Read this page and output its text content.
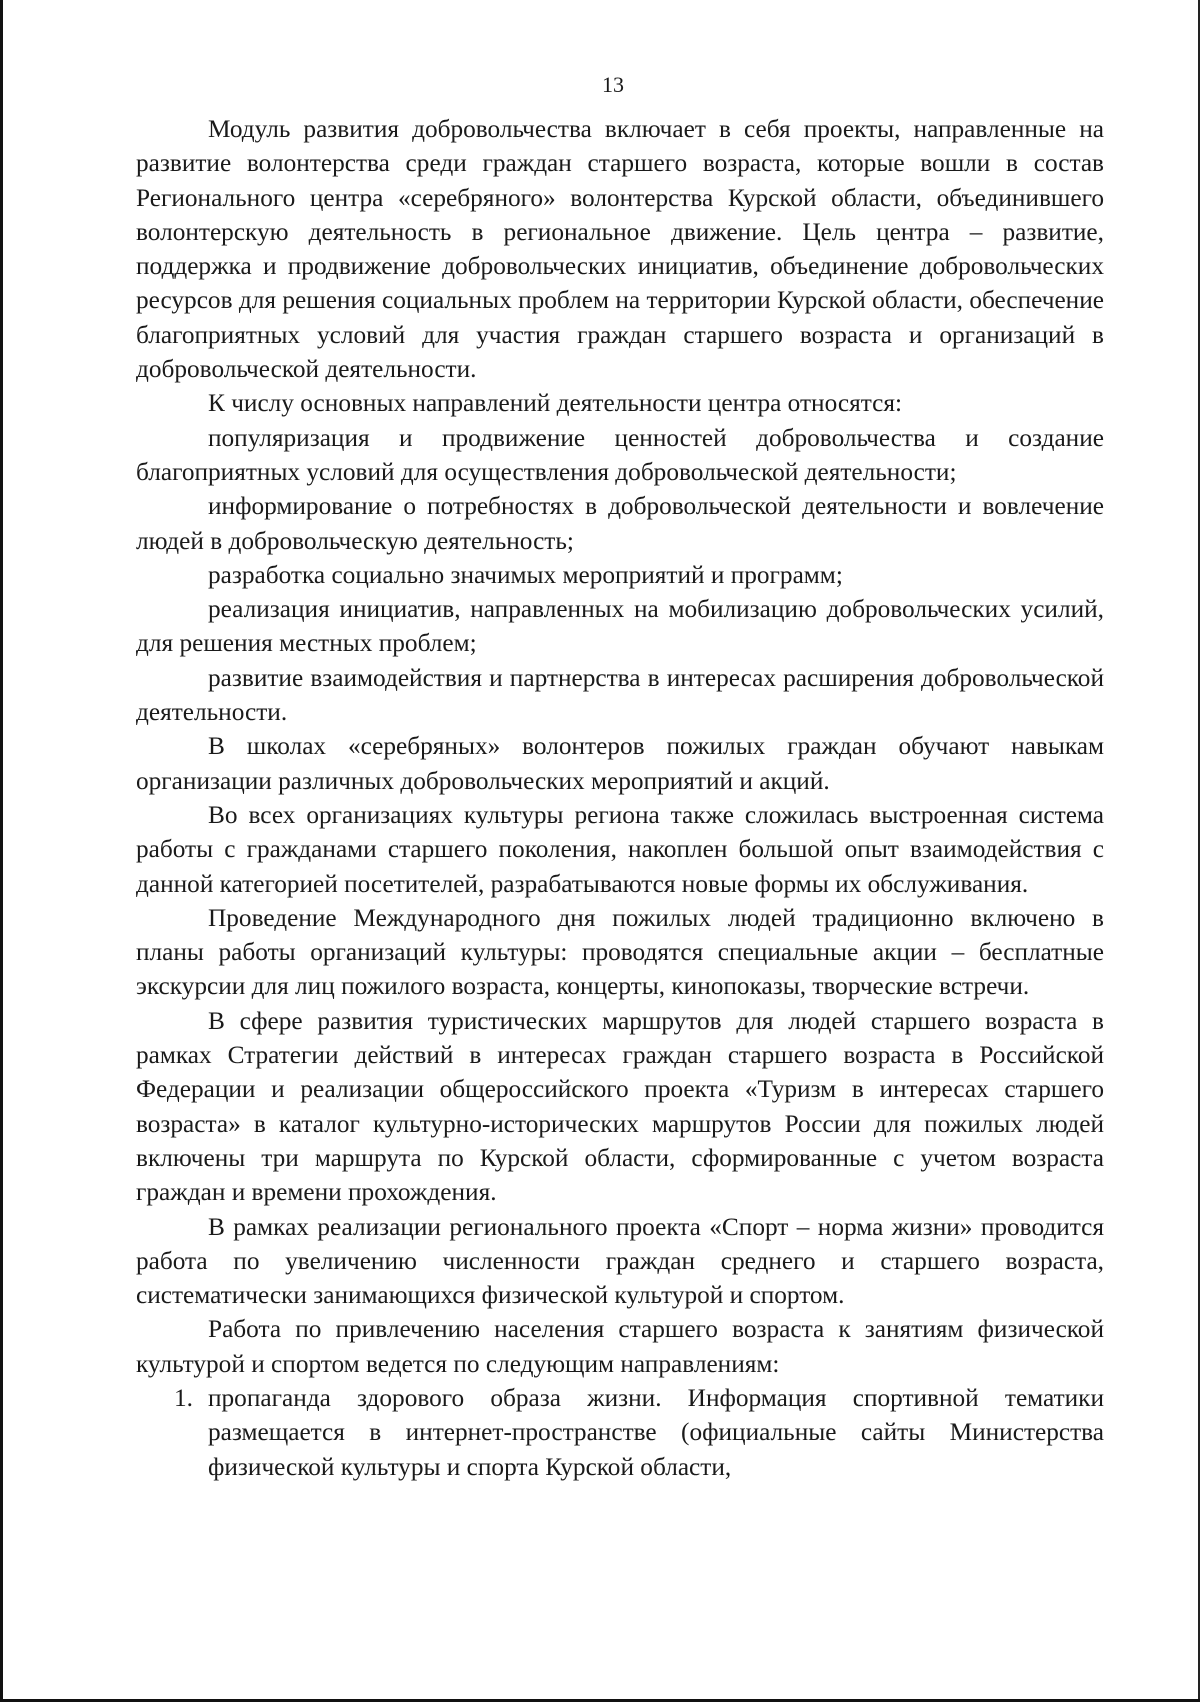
13

Модуль развития добровольчества включает в себя проекты, направленные на развитие волонтерства среди граждан старшего возраста, которые вошли в состав Регионального центра «серебряного» волонтерства Курской области, объединившего волонтерскую деятельность в региональное движение. Цель центра – развитие, поддержка и продвижение добровольческих инициатив, объединение добровольческих ресурсов для решения социальных проблем на территории Курской области, обеспечение благоприятных условий для участия граждан старшего возраста и организаций в добровольческой деятельности.

К числу основных направлений деятельности центра относятся:

популяризация и продвижение ценностей добровольчества и создание благоприятных условий для осуществления добровольческой деятельности;

информирование о потребностях в добровольческой деятельности и вовлечение людей в добровольческую деятельность;

разработка социально значимых мероприятий и программ;

реализация инициатив, направленных на мобилизацию добровольческих усилий, для решения местных проблем;

развитие взаимодействия и партнерства в интересах расширения добровольческой деятельности.

В школах «серебряных» волонтеров пожилых граждан обучают навыкам организации различных добровольческих мероприятий и акций.

Во всех организациях культуры региона также сложилась выстроенная система работы с гражданами старшего поколения, накоплен большой опыт взаимодействия с данной категорией посетителей, разрабатываются новые формы их обслуживания.

Проведение Международного дня пожилых людей традиционно включено в планы работы организаций культуры: проводятся специальные акции – бесплатные экскурсии для лиц пожилого возраста, концерты, кинопоказы, творческие встречи.

В сфере развития туристических маршрутов для людей старшего возраста в рамках Стратегии действий в интересах граждан старшего возраста в Российской Федерации и реализации общероссийского проекта «Туризм в интересах старшего возраста» в каталог культурно-исторических маршрутов России для пожилых людей включены три маршрута по Курской области, сформированные с учетом возраста граждан и времени прохождения.

В рамках реализации регионального проекта «Спорт – норма жизни» проводится работа по увеличению численности граждан среднего и старшего возраста, систематически занимающихся физической культурой и спортом.

Работа по привлечению населения старшего возраста к занятиям физической культурой и спортом ведется по следующим направлениям:

1. пропаганда здорового образа жизни. Информация спортивной тематики размещается в интернет-пространстве (официальные сайты Министерства физической культуры и спорта Курской области,
